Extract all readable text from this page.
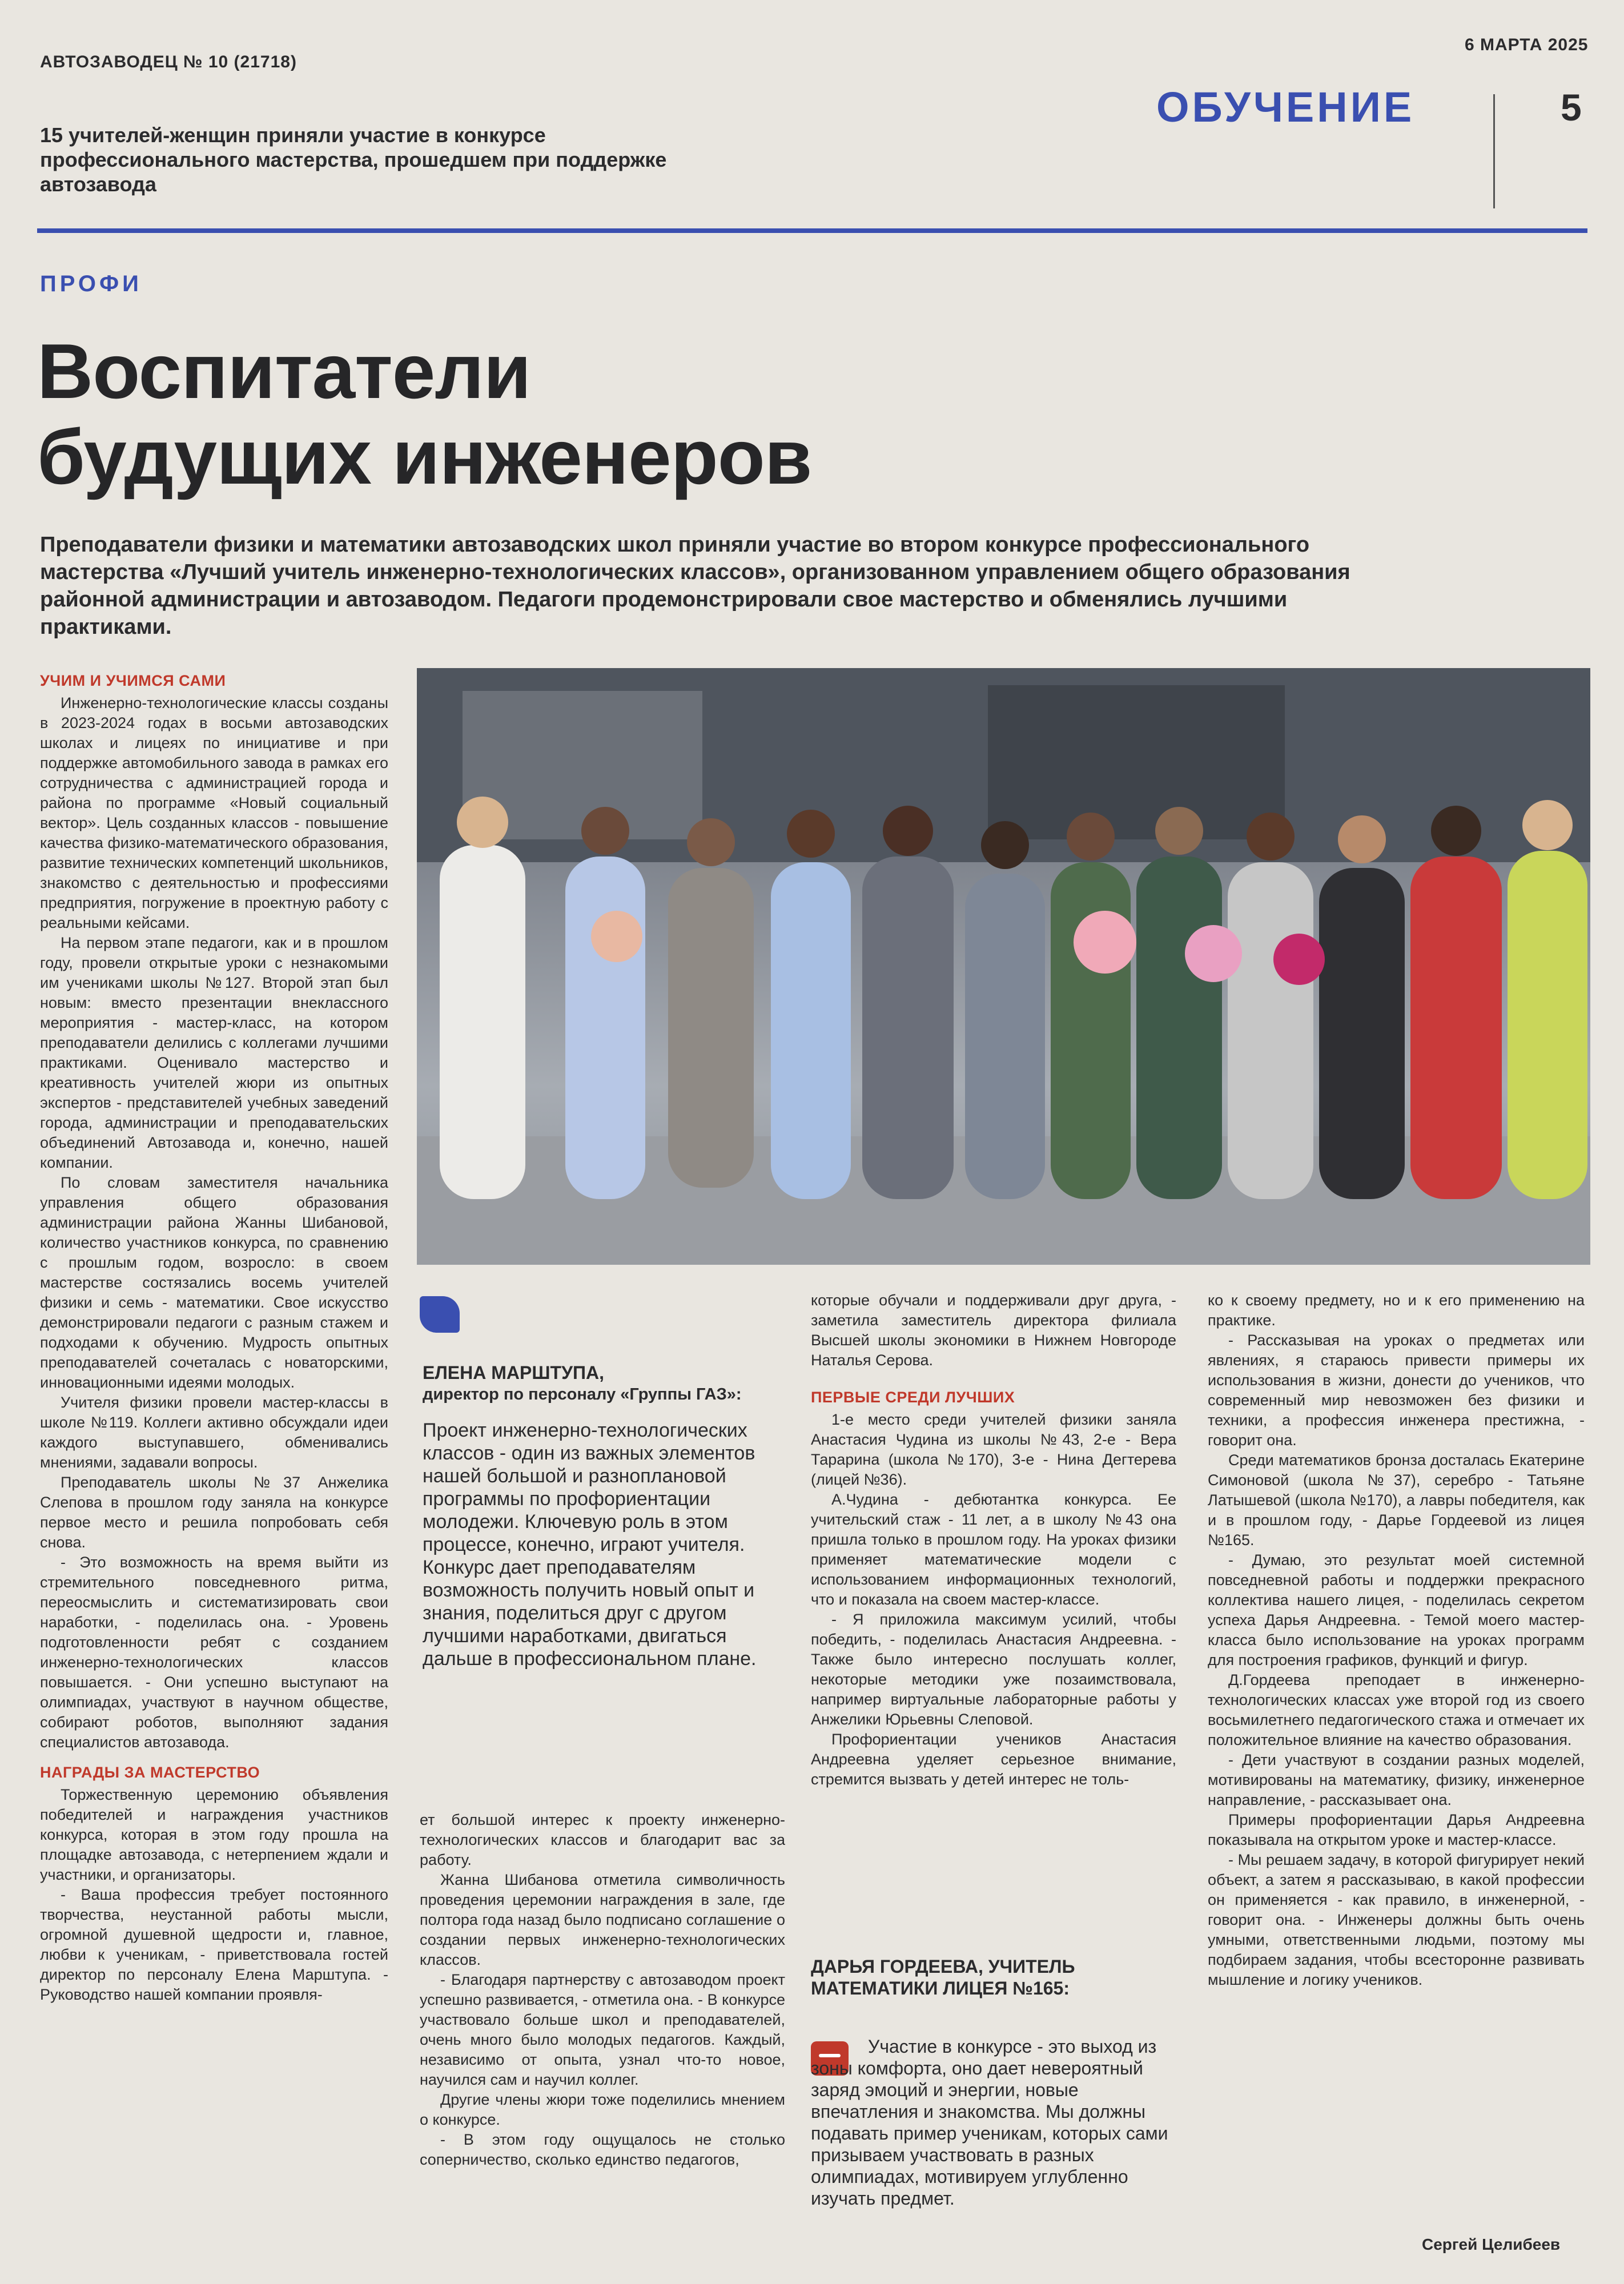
АВТОЗАВОДЕЦ № 10 (21718)
6 МАРТА 2025
15 учителей-женщин приняли участие в конкурсе профессионального мастерства, прошедшем при поддержке автозавода
ОБУЧЕНИЕ	5
ПРОФИ
Воспитатели
будущих инженеров
Преподаватели физики и математики автозаводских школ приняли участие во втором конкурсе профессионального мастерства «Лучший учитель инженерно-технологических классов», организованном управлением общего образования районной администрации и автозаводом. Педагоги продемонстрировали свое мастерство и обменялись лучшими практиками.
УЧИМ И УЧИМСЯ САМИ

Инженерно-технологические классы созданы в 2023-2024 годах в восьми автозаводских школах и лицеях по инициативе и при поддержке автомобильного завода в рамках его сотрудничества с администрацией города и района по программе «Новый социальный вектор». Цель созданных классов - повышение качества физико-математического образования, развитие технических компетенций школьников, знакомство с деятельностью и профессиями предприятия, погружение в проектную работу с реальными кейсами.

На первом этапе педагоги, как и в прошлом году, провели открытые уроки с незнакомыми им учениками школы №127. Второй этап был новым: вместо презентации внеклассного мероприятия - мастер-класс, на котором преподаватели делились с коллегами лучшими практиками. Оценивало мастерство и креативность учителей жюри из опытных экспертов - представителей учебных заведений города, администрации и преподавательских объединений Автозавода и, конечно, нашей компании.

По словам заместителя начальника управления общего образования администрации района Жанны Шибановой, количество участников конкурса, по сравнению с прошлым годом, возросло: в своем мастерстве состязались восемь учителей физики и семь - математики. Свое искусство демонстрировали педагоги с разным стажем и подходами к обучению. Мудрость опытных преподавателей сочеталась с новаторскими, инновационными идеями молодых.

Учителя физики провели мастер-классы в школе №119. Коллеги активно обсуждали идеи каждого выступавшего, обменивались мнениями, задавали вопросы.

Преподаватель школы №37 Анжелика Слепова в прошлом году заняла на конкурсе первое место и решила попробовать себя снова.

- Это возможность на время выйти из стремительного повседневного ритма, переосмыслить и систематизировать свои наработки, - поделилась она. - Уровень подготовленности ребят с созданием инженерно-технологических классов повышается. - Они успешно выступают на олимпиадах, участвуют в научном обществе, собирают роботов, выполняют задания специалистов автозавода.

НАГРАДЫ ЗА МАСТЕРСТВО

Торжественную церемонию объявления победителей и награждения участников конкурса, которая в этом году прошла на площадке автозавода, с нетерпением ждали и участники, и организаторы.

- Ваша профессия требует постоянного творчества, неустанной работы мысли, огромной душевной щедрости и, главное, любви к ученикам, - приветствовала гостей директор по персоналу Елена Марштупа. - Руководство нашей компании проявля-

ЕЛЕНА МАРШТУПА,
директор по персоналу «Группы ГАЗ»:
Проект инженерно-технологических классов - один из важных элементов нашей большой и разноплановой программы по профориентации молодежи. Ключевую роль в этом процессе, конечно, играют учителя. Конкурс дает преподавателям возможность получить новый опыт и знания, поделиться друг с другом лучшими наработками, двигаться дальше в профессиональном плане.

ет большой интерес к проекту инженерно-технологических классов и благодарит вас за работу.

Жанна Шибанова отметила символичность проведения церемонии награждения в зале, где полтора года назад было подписано соглашение о создании первых инженерно-технологических классов.

- Благодаря партнерству с автозаводом проект успешно развивается, - отметила она. - В конкурсе участвовало больше школ и преподавателей, очень много было молодых педагогов. Каждый, независимо от опыта, узнал что-то новое, научился сам и научил коллег.

Другие члены жюри тоже поделились мнением о конкурсе.

- В этом году ощущалось не столько соперничество, сколько единство педагогов,

которые обучали и поддерживали друг друга, - заметила заместитель директора филиала Высшей школы экономики в Нижнем Новгороде Наталья Серова.

ПЕРВЫЕ СРЕДИ ЛУЧШИХ

1-е место среди учителей физики заняла Анастасия Чудина из школы №43, 2-е - Вера Тарарина (школа №170), 3-е - Нина Дегтерева (лицей №36).

А.Чудина - дебютантка конкурса. Ее учительский стаж - 11 лет, а в школу №43 она пришла только в прошлом году. На уроках физики применяет математические модели с использованием информационных технологий, что и показала на своем мастер-классе.

- Я приложила максимум усилий, чтобы победить, - поделилась Анастасия Андреевна. - Также было интересно послушать коллег, некоторые методики уже позаимствовала, например виртуальные лабораторные работы у Анжелики Юрьевны Слеповой.

Профориентации учеников Анастасия Андреевна уделяет серьезное внимание, стремится вызвать у детей интерес не толь-

ДАРЬЯ ГОРДЕЕВА, УЧИТЕЛЬ МАТЕМАТИКИ ЛИЦЕЯ №165:
Участие в конкурсе - это выход из зоны комфорта, оно дает невероятный заряд эмоций и энергии, новые впечатления и знакомства. Мы должны подавать пример ученикам, которых сами призываем участвовать в разных олимпиадах, мотивируем углубленно изучать предмет.

ко к своему предмету, но и к его применению на практике.

- Рассказывая на уроках о предметах или явлениях, я стараюсь привести примеры их использования в жизни, донести до учеников, что современный мир невозможен без физики и техники, а профессия инженера престижна, - говорит она.

Среди математиков бронза досталась Екатерине Симоновой (школа №37), серебро - Татьяне Латышевой (школа №170), а лавры победителя, как и в прошлом году, - Дарье Гордеевой из лицея №165.

- Думаю, это результат моей системной повседневной работы и поддержки прекрасного коллектива нашего лицея, - поделилась секретом успеха Дарья Андреевна. - Темой моего мастер-класса было использование на уроках программ для построения графиков, функций и фигур.

Д.Гордеева преподает в инженерно-технологических классах уже второй год из своего восьмилетнего педагогического стажа и отмечает их положительное влияние на качество образования.

- Дети участвуют в создании разных моделей, мотивированы на математику, физику, инженерное направление, - рассказывает она.

Примеры профориентации Дарья Андреевна показывала на открытом уроке и мастер-классе.

- Мы решаем задачу, в которой фигурирует некий объект, а затем я рассказываю, в какой профессии он применяется - как правило, в инженерной, - говорит она. - Инженеры должны быть очень умными, ответственными людьми, поэтому мы подбираем задания, чтобы всесторонне развивать мышление и логику учеников.

Сергей Целибеев
